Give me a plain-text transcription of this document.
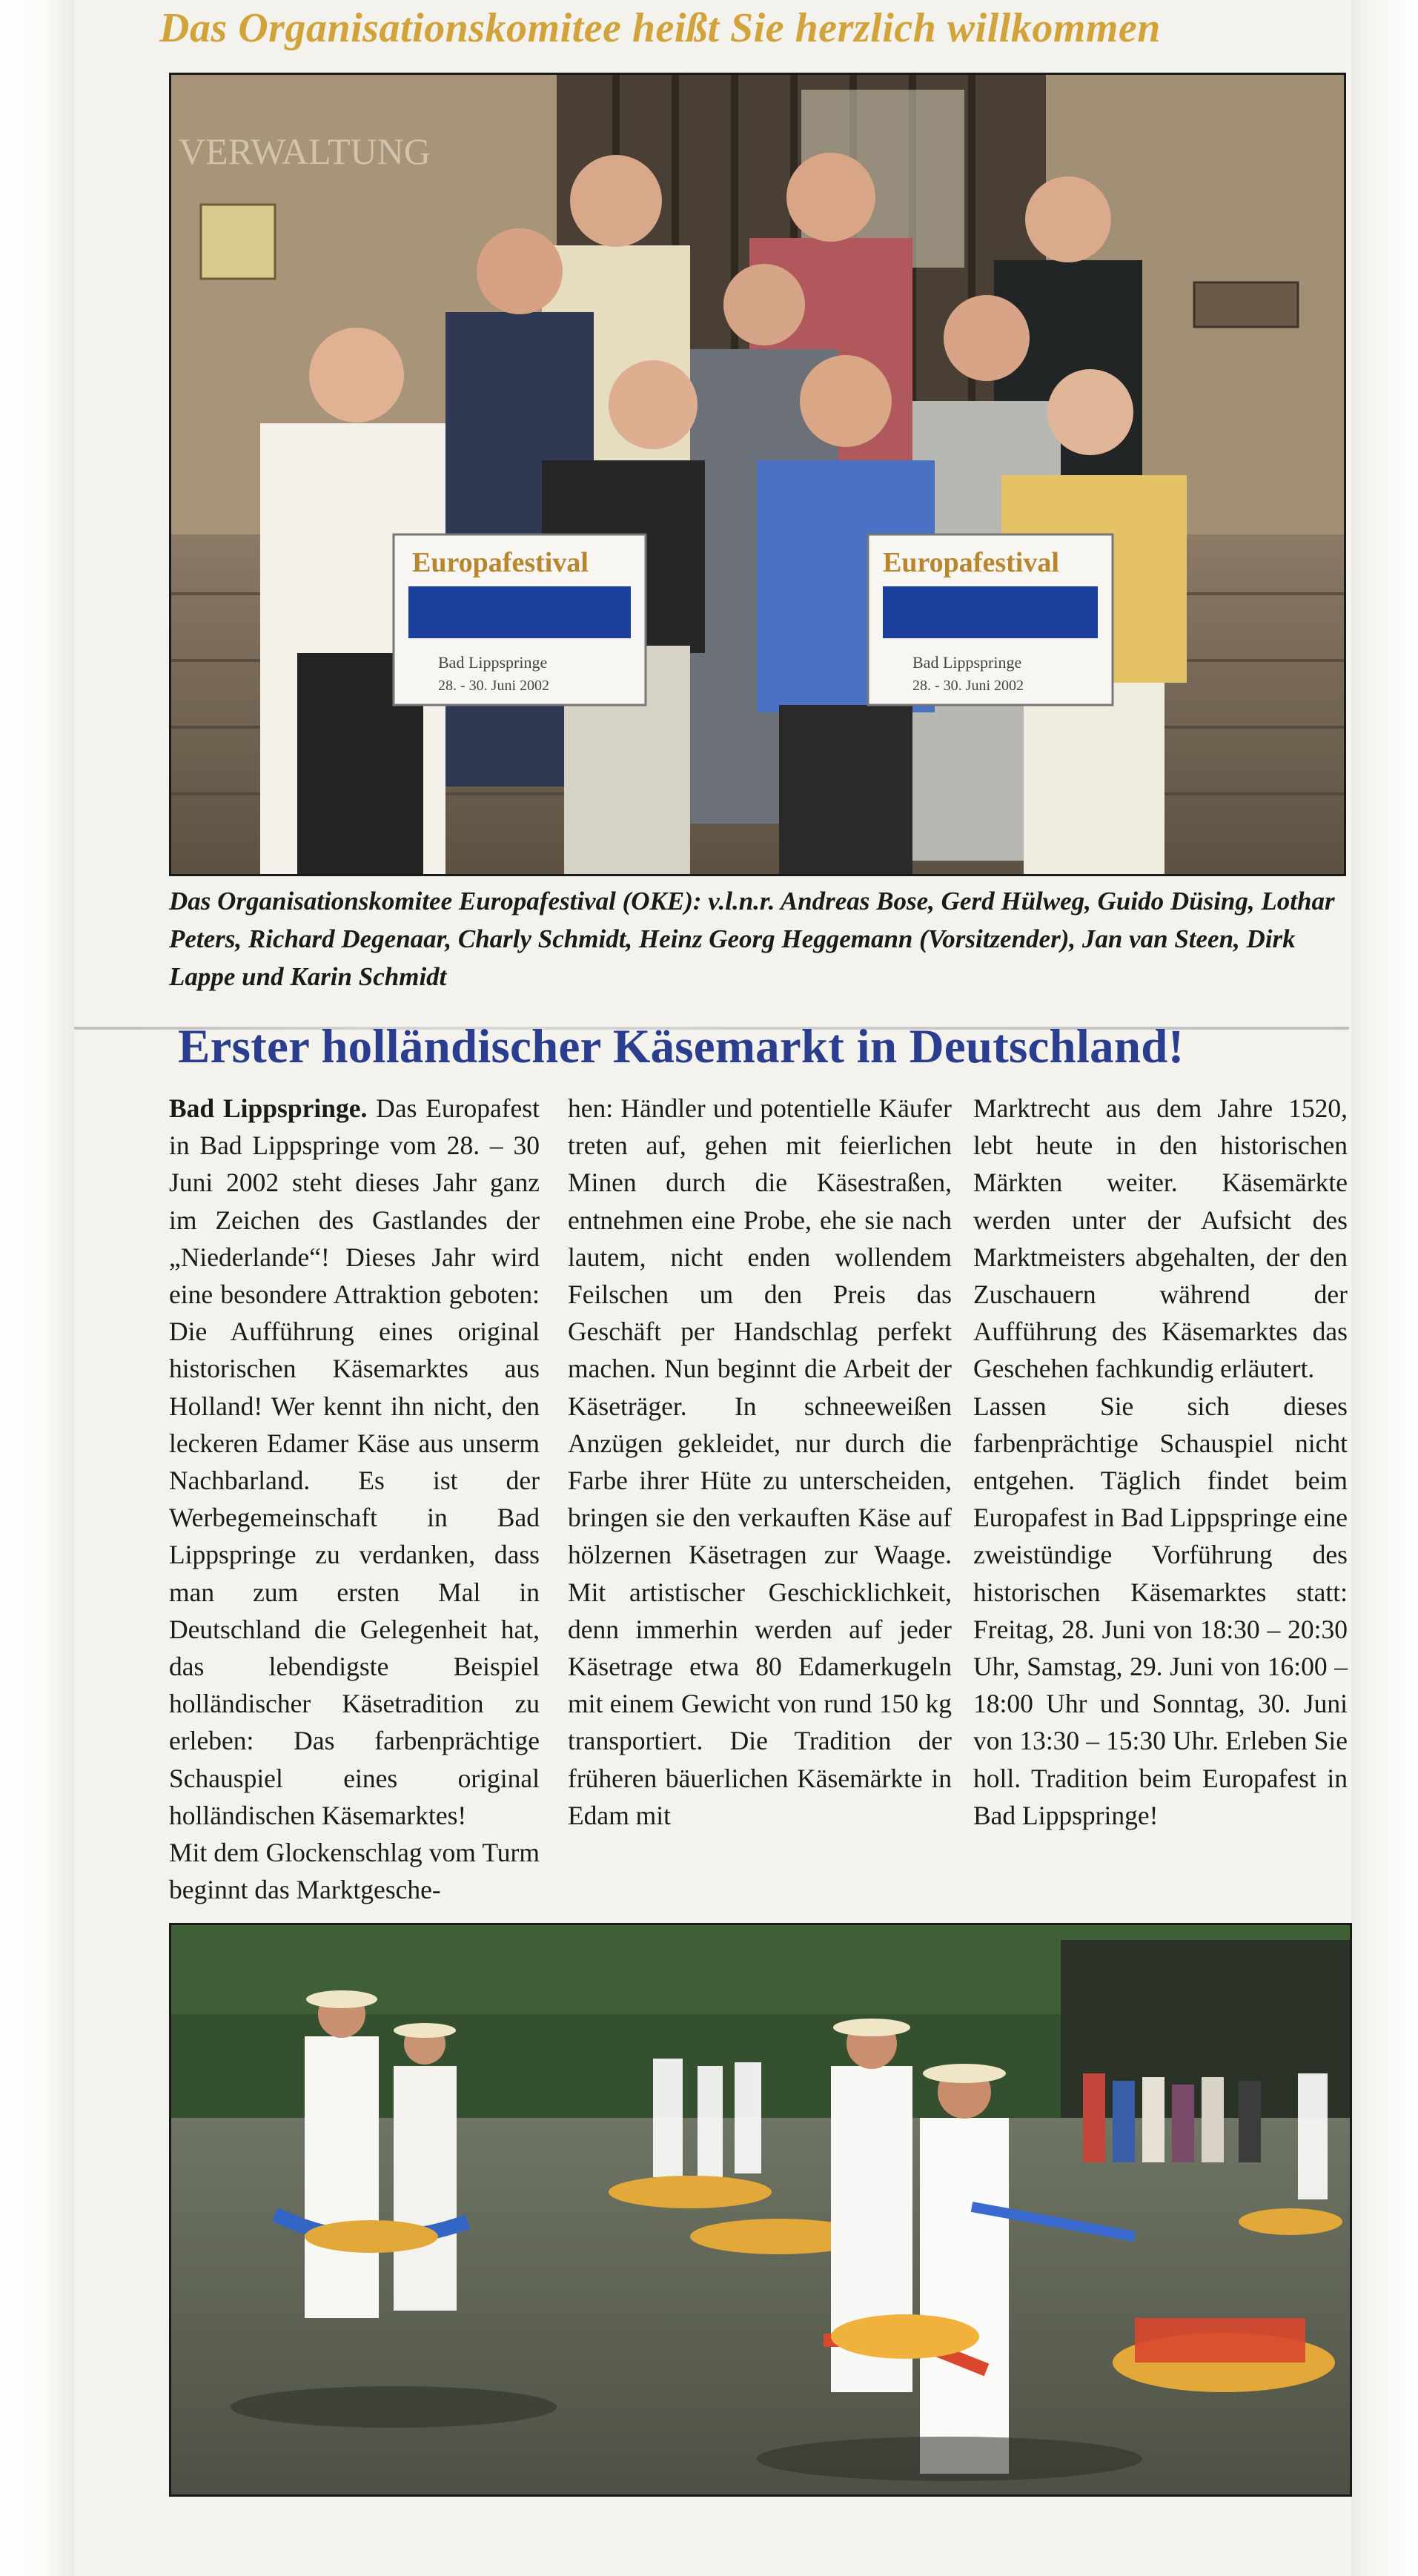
Das Organisationskomitee heißt Sie herzlich willkommen
VERWALTUNG
Europafestival
Bad Lippspringe
28. - 30. Juni 2002
Europafestival
Bad Lippspringe
28. - 30. Juni 2002
Das Organisationskomitee Europafestival (OKE): v.l.n.r. Andreas Bose, Gerd Hülweg, Guido Düsing, Lothar Peters, Richard Degenaar, Charly Schmidt, Heinz Georg Heggemann (Vorsitzender), Jan van Steen, Dirk Lappe und Karin Schmidt
Erster holländischer Käsemarkt in Deutschland!

Bad Lippspringe. Das Europafest in Bad Lippspringe vom 28. – 30 Juni 2002 steht dieses Jahr ganz im Zeichen des Gastlandes der „Niederlande“! Dieses Jahr wird eine besondere Attraktion geboten: Die Aufführung eines original historischen Käsemarktes aus Holland! Wer kennt ihn nicht, den leckeren Edamer Käse aus unserm Nachbarland. Es ist der Werbegemeinschaft in Bad Lippspringe zu verdanken, dass man zum ersten Mal in Deutschland die Gelegenheit hat, das lebendigste Beispiel holländischer Käsetradition zu erleben: Das farbenprächtige Schauspiel eines original holländischen Käsemarktes!

Mit dem Glockenschlag vom Turm beginnt das Marktgesche-

hen: Händler und potentielle Käufer treten auf, gehen mit feierlichen Minen durch die Käsestraßen, entnehmen eine Probe, ehe sie nach lautem, nicht enden wollendem Feilschen um den Preis das Geschäft per Handschlag perfekt machen. Nun beginnt die Arbeit der Käseträger. In schneeweißen Anzügen gekleidet, nur durch die Farbe ihrer Hüte zu unterscheiden, bringen sie den verkauften Käse auf hölzernen Käsetragen zur Waage. Mit artistischer Geschicklichkeit, denn immerhin werden auf jeder Käsetrage etwa 80 Edamerkugeln mit einem Gewicht von rund 150 kg transportiert. Die Tradition der früheren bäuerlichen Käsemärkte in Edam mit

Marktrecht aus dem Jahre 1520, lebt heute in den historischen Märkten weiter. Käsemärkte werden unter der Aufsicht des Marktmeisters abgehalten, der den Zuschauern während der Aufführung des Käsemarktes das Geschehen fachkundig erläutert.

Lassen Sie sich dieses farbenprächtige Schauspiel nicht entgehen. Täglich findet beim Europafest in Bad Lippspringe eine zweistündige Vorführung des historischen Käsemarktes statt: Freitag, 28. Juni von 18:30 – 20:30 Uhr, Samstag, 29. Juni von 16:00 – 18:00 Uhr und Sonntag, 30. Juni von 13:30 – 15:30 Uhr. Erleben Sie holl. Tradition beim Europafest in Bad Lippspringe!
